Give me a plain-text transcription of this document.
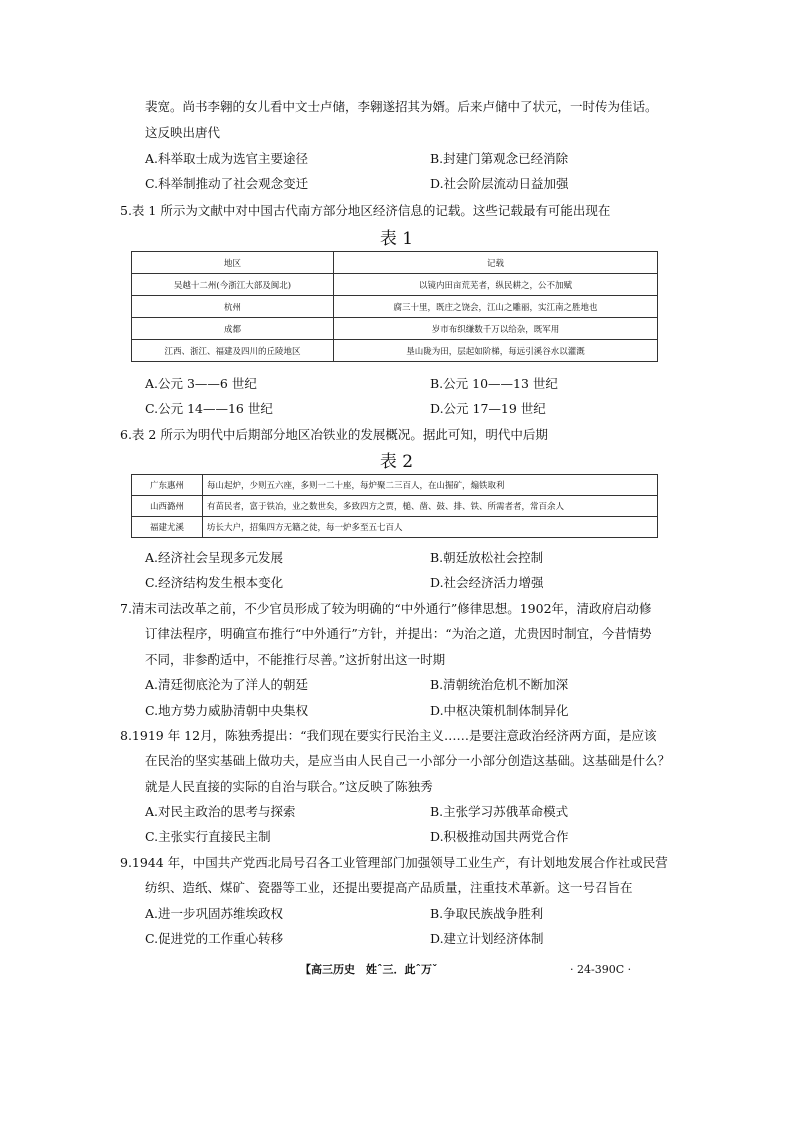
裴宽。尚书李翱的女儿看中文士卢储，李翱遂招其为婿。后来卢储中了状元，一时传为佳话。
这反映出唐代
A.科举取士成为选官主要途径	B.封建门第观念已经消除
C.科举制推动了社会观念变迁	D.社会阶层流动日益加强
5.表 1 所示为文献中对中国古代南方部分地区经济信息的记载。这些记载最有可能出现在
表 1
地区	记载
吴越十二州(今浙江大部及闽北)	以镜内田亩荒芜者，纵民耕之，公不加赋
杭州	腐三十里，既庄之饶会，江山之雕丽，实江南之胜地也
成都	岁市布织缣数千万以给杂，既军用
江西、浙江、福建及四川的丘陵地区	垦山陇为田，层起如阶梯，每远引溪谷水以灌溉
A.公元 3——6 世纪	B.公元 10——13 世纪
C.公元 14——16 世纪	D.公元 17—19 世纪
6.表 2 所示为明代中后期部分地区冶铁业的发展概况。据此可知，明代中后期
表 2
广东惠州	每山起炉，少则五六座，多则一二十座，每炉聚二三百人，在山掘矿，煽铁取利
山西潞州	有苗民者，富于铁冶，业之数世矣，多致四方之贾，槌、凿、鼓、排、铁、所需者者，常百余人
福建尤溪	坊长大户，招集四方无籍之徒，每一炉多至五七百人
A.经济社会呈现多元发展	B.朝廷放松社会控制
C.经济结构发生根本变化	D.社会经济活力增强
7.清末司法改革之前，不少官员形成了较为明确的“中外通行”修律思想。1902年，清政府启动修
订律法程序，明确宣布推行“中外通行”方针，并提出：“为治之道，尤贵因时制宜，今昔情势
不同，非参酌适中，不能推行尽善。”这折射出这一时期
A.清廷彻底沦为了洋人的朝廷	B.清朝统治危机不断加深
C.地方势力威胁清朝中央集权	D.中枢决策机制体制异化
8.1919 年 12月，陈独秀提出：“我们现在要实行民治主义……是要注意政治经济两方面，是应该
在民治的坚实基础上做功夫，是应当由人民自己一小部分一小部分创造这基础。这基础是什么？
就是人民直接的实际的自治与联合。”这反映了陈独秀
A.对民主政治的思考与探索	B.主张学习苏俄革命模式
C.主张实行直接民主制	D.积极推动国共两党合作
9.1944 年，中国共产党西北局号召各工业管理部门加强领导工业生产，有计划地发展合作社或民营
纺织、造纸、煤矿、瓷器等工业，还提出要提高产品质量，注重技术革新。这一号召旨在
A.进一步巩固苏维埃政权	B.争取民族战争胜利
C.促进党的工作重心转移	D.建立计划经济体制
【高三历史　姓ˆ三．此ˆ万ˇ	· 24-390C ·
